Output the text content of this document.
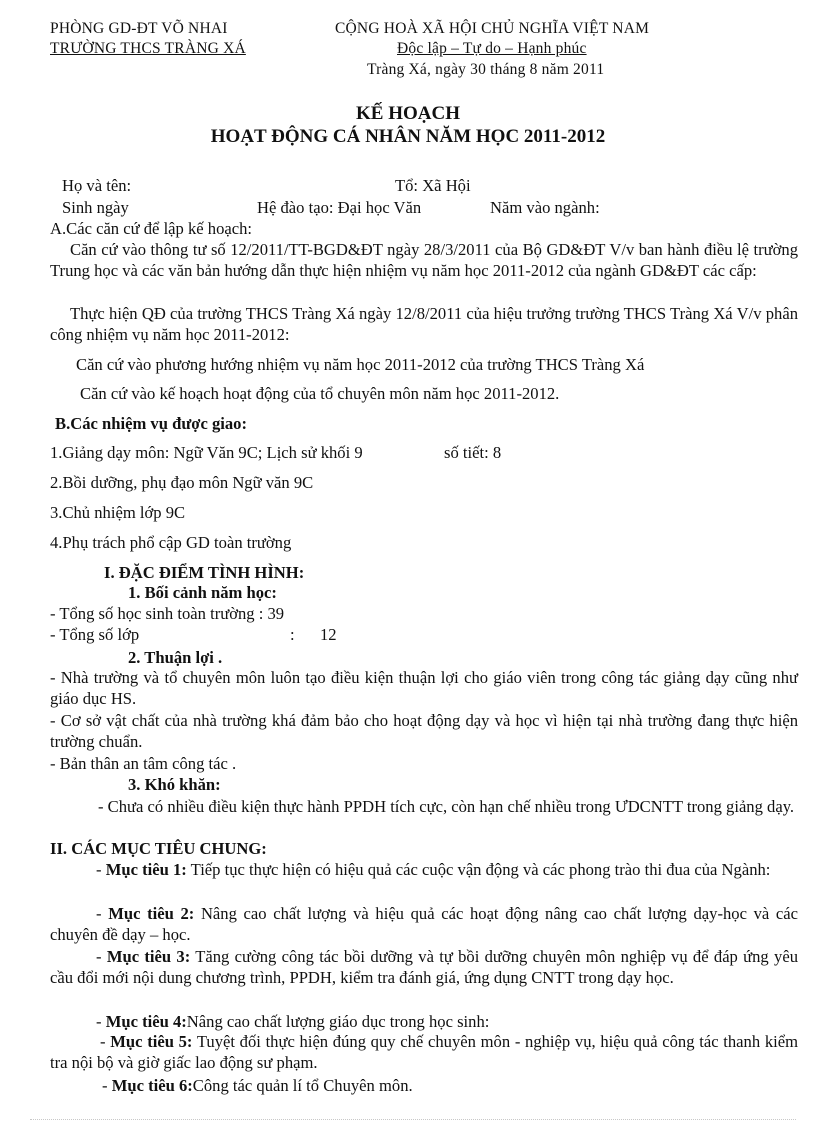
PHÒNG GD-ĐT VÕ NHAI
TRƯỜNG THCS TRÀNG XÁ
CỘNG HOÀ XÃ HỘI CHỦ NGHĨA VIỆT NAM
Độc lập – Tự do – Hạnh phúc
Tràng Xá, ngày 30 tháng 8 năm 2011
KẾ HOẠCH
HOẠT ĐỘNG CÁ NHÂN NĂM HỌC 2011-2012
Họ và tên:	Tổ: Xã Hội
Sinh ngày	Hệ đào tạo: Đại học Văn	Năm vào ngành:
A.Các căn cứ để lập kế hoạch:
Căn cứ vào thông tư số 12/2011/TT-BGD&ĐT ngày 28/3/2011 của Bộ GD&ĐT V/v ban hành điều lệ trường Trung học và các văn bản hướng dẫn thực hiện nhiệm vụ năm học 2011-2012 của ngành GD&ĐT các cấp:
Thực hiện QĐ của trường THCS Tràng Xá ngày 12/8/2011 của hiệu trưởng trường THCS Tràng Xá V/v phân công nhiệm vụ năm học 2011-2012:
Căn cứ vào phương hướng nhiệm vụ năm học 2011-2012 của trường THCS Tràng Xá
Căn cứ vào kế hoạch hoạt động của tổ chuyên môn năm học 2011-2012.
B.Các nhiệm vụ được giao:
1.Giảng dạy môn: Ngữ Văn 9C; Lịch sử khối 9	số tiết: 8
2.Bồi dưỡng, phụ đạo môn Ngữ văn 9C
3.Chủ nhiệm lớp 9C
4.Phụ trách phổ cập GD toàn trường
I. ĐẶC ĐIỂM TÌNH HÌNH:
1. Bối cảnh năm học:
- Tổng số học sinh toàn trường : 39
- Tổng số lớp	: 12
2. Thuận lợi .
- Nhà trường và tổ chuyên môn luôn tạo điều kiện thuận lợi cho giáo viên trong công tác giảng dạy cũng như giáo dục HS.
- Cơ sở vật chất của nhà trường khá đảm bảo cho hoạt động dạy và học vì hiện tại nhà trường đang thực hiện trường chuẩn.
- Bản thân an tâm công tác .
3. Khó khăn:
- Chưa có nhiều điều kiện thực hành PPDH tích cực, còn hạn chế nhiều trong ƯDCNTT trong giảng dạy.
II. CÁC MỤC TIÊU CHUNG:
- Mục tiêu 1: Tiếp tục thực hiện có hiệu quả các cuộc vận động và các phong trào thi đua của Ngành:
- Mục tiêu 2: Nâng cao chất lượng và hiệu quả các hoạt động nâng cao chất lượng dạy-học và các chuyên đề dạy – học.
- Mục tiêu 3: Tăng cường công tác bồi dưỡng và tự bồi dưỡng chuyên môn nghiệp vụ để đáp ứng yêu cầu đổi mới nội dung chương trình, PPDH, kiểm tra đánh giá, ứng dụng CNTT trong dạy học.
- Mục tiêu 4:Nâng cao chất lượng giáo dục trong học sinh:
- Mục tiêu 5: Tuyệt đối thực hiện đúng quy chế chuyên môn - nghiệp vụ, hiệu quả công tác thanh kiểm tra nội bộ và giờ giấc lao động sư phạm.
- Mục tiêu 6:Công tác quản lí tổ Chuyên môn.
